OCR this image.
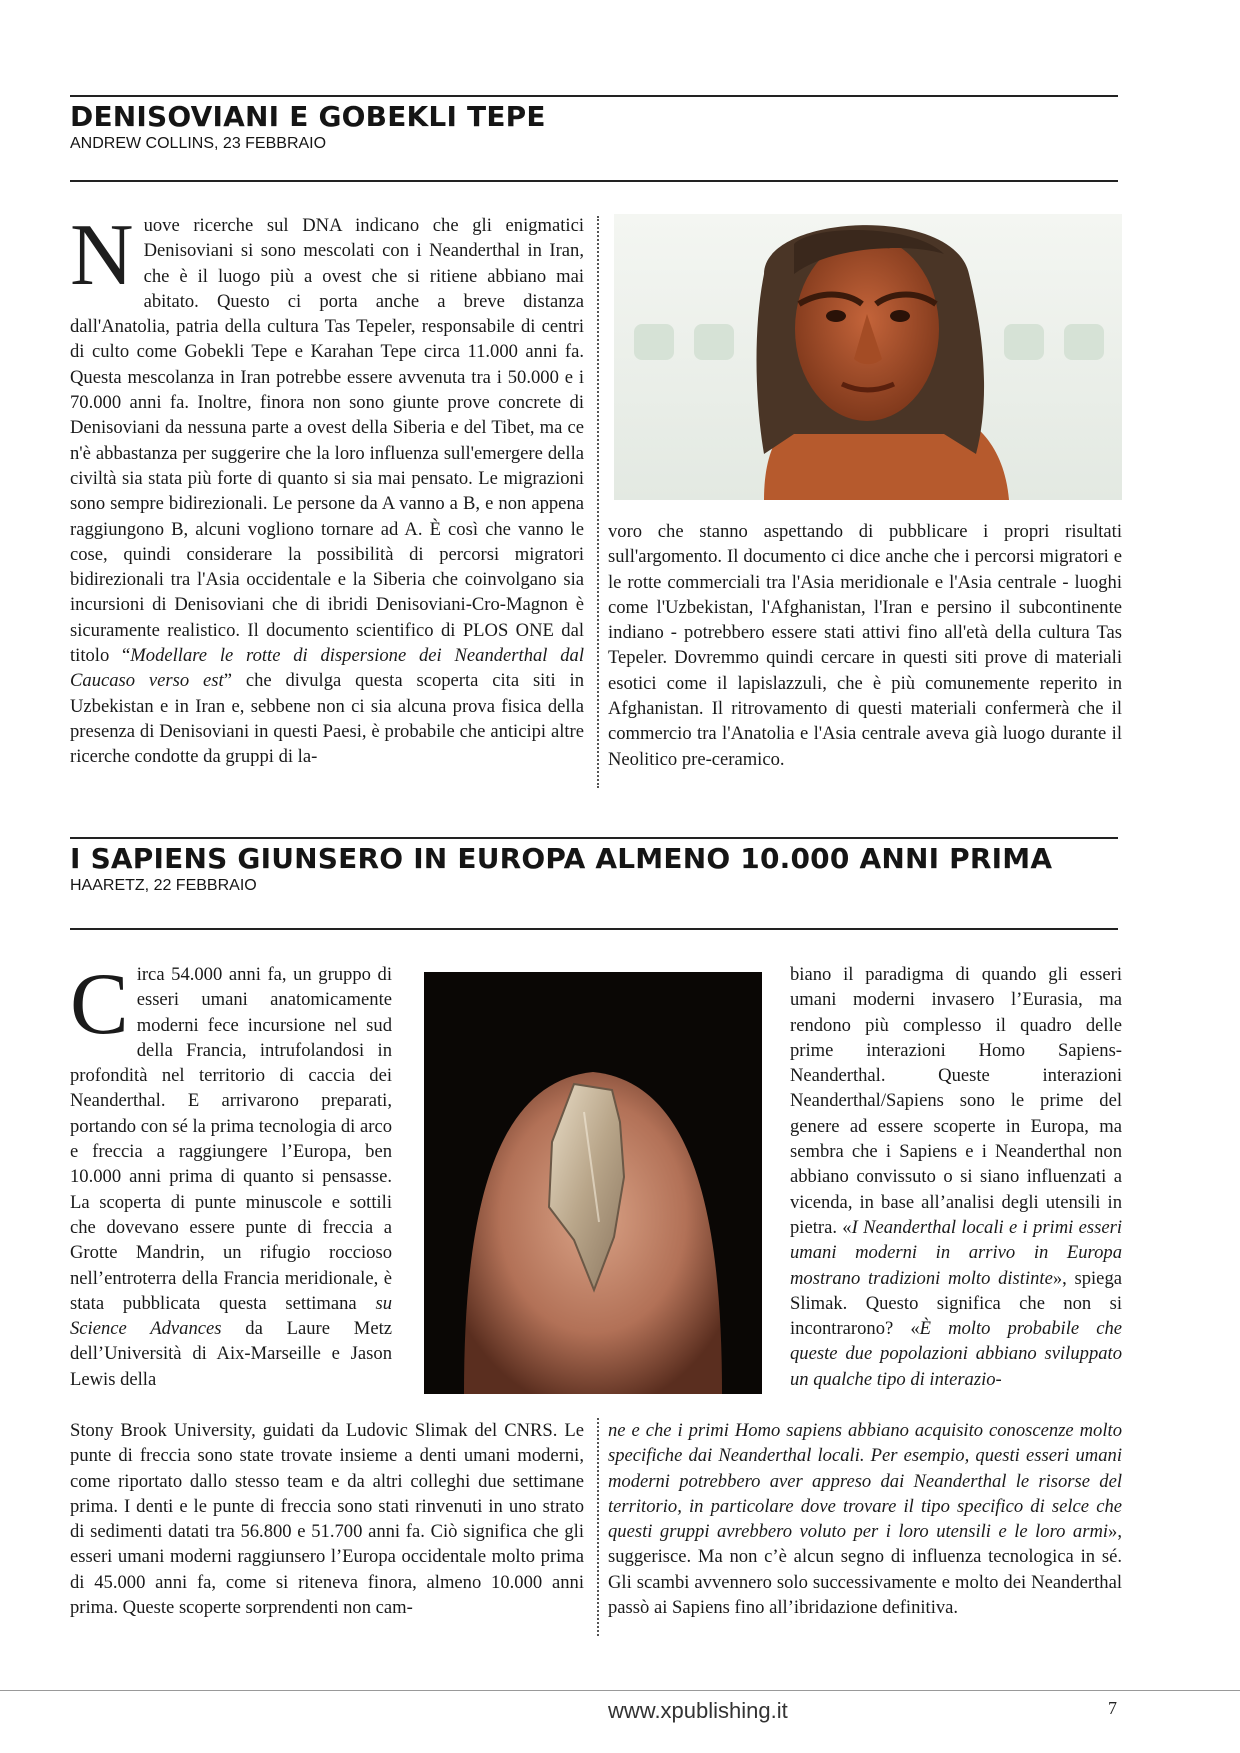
DENISOVIANI E GOBEKLI TEPE
ANDREW COLLINS, 23 FEBBRAIO

Nuove ricerche sul DNA indicano che gli enigmatici Denisoviani si sono mescolati con i Neanderthal in Iran, che è il luogo più a ovest che si ritiene abbiano mai abitato. Questo ci porta anche a breve distanza dall'Anatolia, patria della cultura Tas Tepeler, responsabile di centri di culto come Gobekli Tepe e Karahan Tepe circa 11.000 anni fa. Questa mescolanza in Iran potrebbe essere avvenuta tra i 50.000 e i 70.000 anni fa. Inoltre, finora non sono giunte prove concrete di Denisoviani da nessuna parte a ovest della Siberia e del Tibet, ma ce n'è abbastanza per suggerire che la loro influenza sull'emergere della civiltà sia stata più forte di quanto si sia mai pensato. Le migrazioni sono sempre bidirezionali. Le persone da A vanno a B, e non appena raggiungono B, alcuni vogliono tornare ad A. È così che vanno le cose, quindi considerare la possibilità di percorsi migratori bidirezionali tra l'Asia occidentale e la Siberia che coinvolgano sia incursioni di Denisoviani che di ibridi Denisoviani-Cro-Magnon è sicuramente realistico. Il documento scientifico di PLOS ONE dal titolo “Modellare le rotte di dispersione dei Neanderthal dal Caucaso verso est” che divulga questa scoperta cita siti in Uzbekistan e in Iran e, sebbene non ci sia alcuna prova fisica della presenza di Denisoviani in questi Paesi, è probabile che anticipi altre ricerche condotte da gruppi di la-

voro che stanno aspettando di pubblicare i propri risultati sull'argomento. Il documento ci dice anche che i percorsi migratori e le rotte commerciali tra l'Asia meridionale e l'Asia centrale - luoghi come l'Uzbekistan, l'Afghanistan, l'Iran e persino il subcontinente indiano - potrebbero essere stati attivi fino all'età della cultura Tas Tepeler. Dovremmo quindi cercare in questi siti prove di materiali esotici come il lapislazzuli, che è più comunemente reperito in Afghanistan. Il ritrovamento di questi materiali confermerà che il commercio tra l'Anatolia e l'Asia centrale aveva già luogo durante il Neolitico pre-ceramico.

I SAPIENS GIUNSERO IN EUROPA ALMENO 10.000 ANNI PRIMA
HAARETZ, 22 FEBBRAIO

Circa 54.000 anni fa, un gruppo di esseri umani anatomicamente moderni fece incursione nel sud della Francia, intrufolandosi in profondità nel territorio di caccia dei Neanderthal. E arrivarono preparati, portando con sé la prima tecnologia di arco e freccia a raggiungere l’Europa, ben 10.000 anni prima di quanto si pensasse. La scoperta di punte minuscole e sottili che dovevano essere punte di freccia a Grotte Mandrin, un rifugio roccioso nell’entroterra della Francia meridionale, è stata pubblicata questa settimana su Science Advances da Laure Metz dell’Università di Aix-Marseille e Jason Lewis della

Stony Brook University, guidati da Ludovic Slimak del CNRS. Le punte di freccia sono state trovate insieme a denti umani moderni, come riportato dallo stesso team e da altri colleghi due settimane prima. I denti e le punte di freccia sono stati rinvenuti in uno strato di sedimenti datati tra 56.800 e 51.700 anni fa. Ciò significa che gli esseri umani moderni raggiunsero l’Europa occidentale molto prima di 45.000 anni fa, come si riteneva finora, almeno 10.000 anni prima. Queste scoperte sorprendenti non cam-

biano il paradigma di quando gli esseri umani moderni invasero l’Eurasia, ma rendono più complesso il quadro delle prime interazioni Homo Sapiens-Neanderthal. Queste interazioni Neanderthal/Sapiens sono le prime del genere ad essere scoperte in Europa, ma sembra che i Sapiens e i Neanderthal non abbiano convissuto o si siano influenzati a vicenda, in base all’analisi degli utensili in pietra. «I Neanderthal locali e i primi esseri umani moderni in arrivo in Europa mostrano tradizioni molto distinte», spiega Slimak. Questo significa che non si incontrarono? «È molto probabile che queste due popolazioni abbiano sviluppato un qualche tipo di interazio-

ne e che i primi Homo sapiens abbiano acquisito conoscenze molto specifiche dai Neanderthal locali. Per esempio, questi esseri umani moderni potrebbero aver appreso dai Neanderthal le risorse del territorio, in particolare dove trovare il tipo specifico di selce che questi gruppi avrebbero voluto per i loro utensili e le loro armi», suggerisce. Ma non c’è alcun segno di influenza tecnologica in sé. Gli scambi avvennero solo successivamente e molto dei Neanderthal passò ai Sapiens fino all’ibridazione definitiva.

www.xpublishing.it	7
